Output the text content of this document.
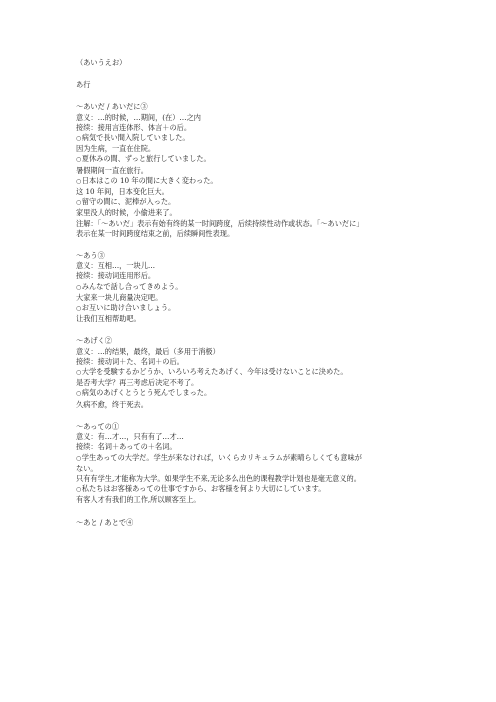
（あいうえお）
あ行
～あいだ / あいだに③
意义：…的时候，…期间，(在）…之内
接续：接用言连体形、体言＋の后。
○ 病気で長い間入院していました。
因为生病，一直在住院。
○ 夏休みの間、ずっと旅行していました。
暑假期间一直在旅行。
○ 日本はこの 10 年の間に大きく変わった。
这 10 年间，日本变化巨大。
○ 留守の間に、泥棒が入った。
家里没人的时候，小偷进来了。
注解：「～あいだ」表示有始有终的某一时间跨度，后续持续性动作或状态。「～あいだに」
表示在某一时间跨度结束之前，后续瞬间性表现。
～あう③
意义：互相…，一块儿…
接续：接动词连用形后。
○ みんなで話し合ってきめよう。
大家来一块儿商量决定吧。
○ お互いに助け合いましょう。
让我们互相帮助吧。
～あげく②
意义：…的结果，最终，最后（多用于消极）
接续：接动词＋た、名词＋の后。
○ 大学を受験するかどうか、いろいろ考えたあげく、今年は受けないことに決めた。
是否考大学？再三考虑后决定不考了。
○ 病気のあげくとうとう死んでしまった。
久病不愈，终于死去。
～あっての①
意义：有…才…，只有有了…才…
接续：名词＋あっての＋名词。
○ 学生あっての大学だ。学生が来なければ，いくらカリキュラムが素晴らしくても意味が
ない。
只有有学生,才能称为大学。如果学生不来,无论多么出色的课程教学计划也是毫无意义的。
○ 私たちはお客様あっての仕事ですから、お客様を何より大切にしています。
有客人才有我们的工作,所以顾客至上。
～あと / あとで④
